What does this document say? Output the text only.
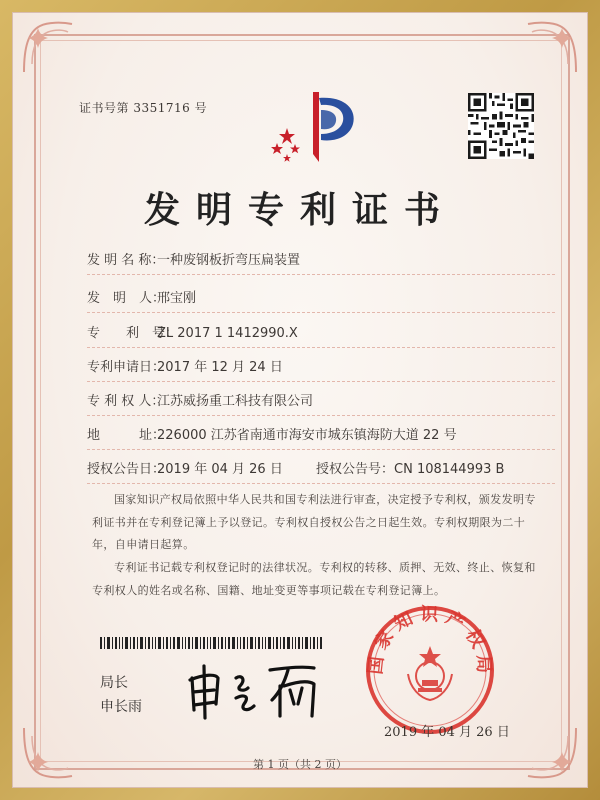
证书号第 3351716 号
发明专利证书
发 明 名 称：一种废钢板折弯压扁装置
发　明　人：邢宝刚
专　　利　号：ZL 2017 1 1412990.X
专利申请日：2017 年 12 月 24 日
专 利 权 人：江苏威扬重工科技有限公司
地　　　址：226000 江苏省南通市海安市城东镇海防大道 22 号
授权公告日：2019 年 04 月 26 日	授权公告号：CN 108144993 B
国家知识产权局依照中华人民共和国专利法进行审查，决定授予专利权，颁发发明专利证书并在专利登记簿上予以登记。专利权自授权公告之日起生效。专利权期限为二十年，自申请日起算。
专利证书记载专利权登记时的法律状况。专利权的转移、质押、无效、终止、恢复和专利权人的姓名或名称、国籍、地址变更等事项记载在专利登记簿上。
局长
申长雨
国家知识产权局
2019 年 04 月 26 日
第 1 页（共 2 页）
